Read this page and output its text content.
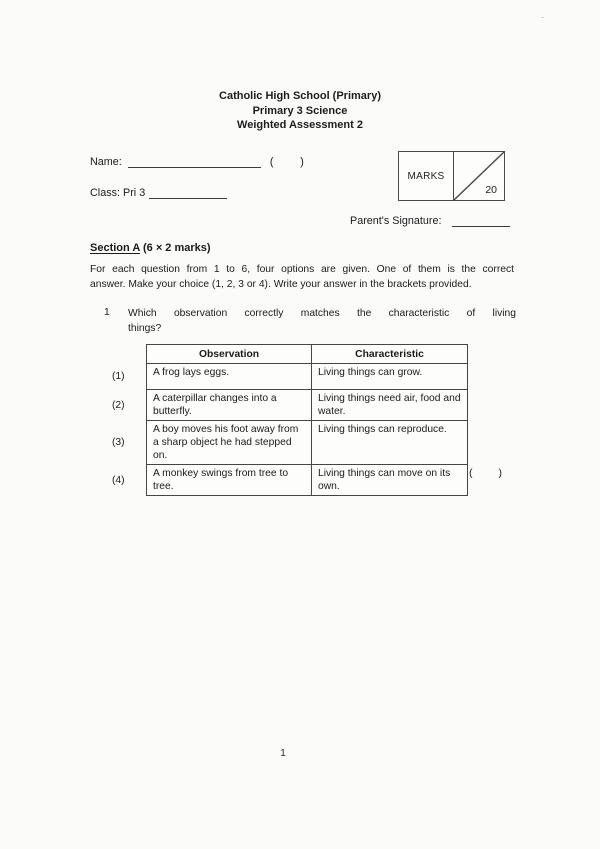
-
Catholic High School (Primary)
Primary 3 Science
Weighted Assessment 2
Name:	( )
Class: Pri 3
MARKS
20
Parent's Signature:
Section A (6 × 2 marks)
For each question from 1 to 6, four options are given. One of them is the correct
answer. Make your choice (1, 2, 3 or 4). Write your answer in the brackets provided.
1 Which observation correctly matches the characteristic of living
things?
	Observation	Characteristic
(1)	A frog lays eggs.	Living things can grow.
(2)	A caterpillar changes into a butterfly.	Living things need air, food and water.
(3)	A boy moves his foot away from a sharp object he had stepped on.	Living things can reproduce.
(4)	A monkey swings from tree to tree.	Living things can move on its own.
( )
1
